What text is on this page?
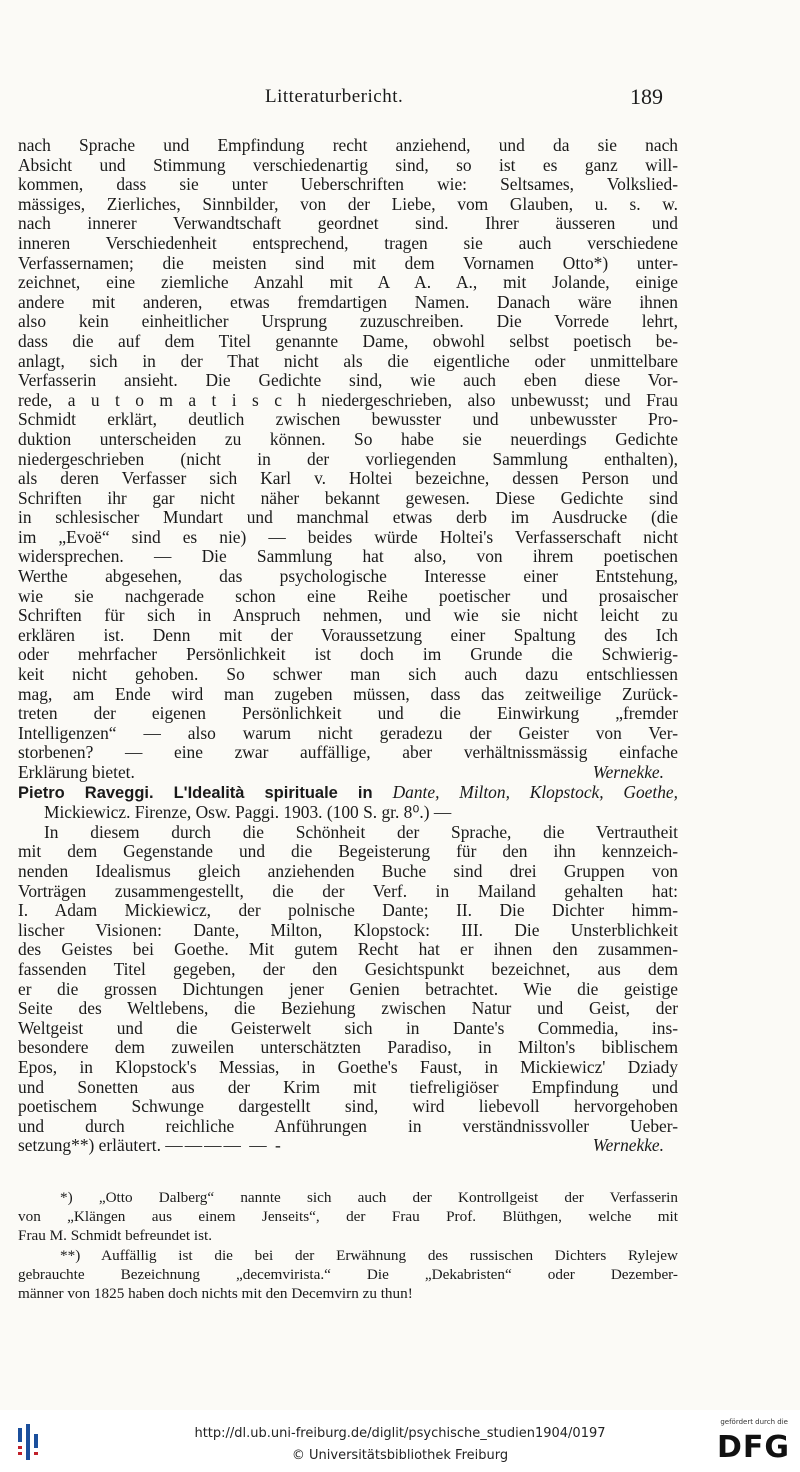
Litteraturbericht.	189
nach Sprache und Empfindung recht anziehend, und da sie nach
Absicht und Stimmung verschiedenartig sind, so ist es ganz will-
kommen, dass sie unter Ueberschriften wie: Seltsames, Volkslied-
mässiges, Zierliches, Sinnbilder, von der Liebe, vom Glauben, u. s. w.
nach innerer Verwandtschaft geordnet sind. Ihrer äusseren und
inneren Verschiedenheit entsprechend, tragen sie auch verschiedene
Verfassernamen; die meisten sind mit dem Vornamen Otto*) unter-
zeichnet, eine ziemliche Anzahl mit A A. A., mit Jolande, einige
andere mit anderen, etwas fremdartigen Namen. Danach wäre ihnen
also kein einheitlicher Ursprung zuzuschreiben. Die Vorrede lehrt,
dass die auf dem Titel genannte Dame, obwohl selbst poetisch be-
anlagt, sich in der That nicht als die eigentliche oder unmittelbare
Verfasserin ansieht. Die Gedichte sind, wie auch eben diese Vor-
rede, a u t o m a t i s c h niedergeschrieben, also unbewusst; und Frau
Schmidt erklärt, deutlich zwischen bewusster und unbewusster Pro-
duktion unterscheiden zu können. So habe sie neuerdings Gedichte
niedergeschrieben (nicht in der vorliegenden Sammlung enthalten),
als deren Verfasser sich Karl v. Holtei bezeichne, dessen Person und
Schriften ihr gar nicht näher bekannt gewesen. Diese Gedichte sind
in schlesischer Mundart und manchmal etwas derb im Ausdrucke (die
im „Evoë“ sind es nie) — beides würde Holtei's Verfasserschaft nicht
widersprechen. — Die Sammlung hat also, von ihrem poetischen
Werthe abgesehen, das psychologische Interesse einer Entstehung,
wie sie nachgerade schon eine Reihe poetischer und prosaischer
Schriften für sich in Anspruch nehmen, und wie sie nicht leicht zu
erklären ist. Denn mit der Voraussetzung einer Spaltung des Ich
oder mehrfacher Persönlichkeit ist doch im Grunde die Schwierig-
keit nicht gehoben. So schwer man sich auch dazu entschliessen
mag, am Ende wird man zugeben müssen, dass das zeitweilige Zurück-
treten der eigenen Persönlichkeit und die Einwirkung „fremder
Intelligenzen“ — also warum nicht geradezu der Geister von Ver-
storbenen? — eine zwar auffällige, aber verhältnissmässig einfache
Erklärung bietet.	Wernekke.
Pietro Raveggi. L'Idealità spirituale in Dante, Milton, Klopstock, Goethe,
Mickiewicz. Firenze, Osw. Paggi. 1903. (100 S. gr. 8⁰.) —
In diesem durch die Schönheit der Sprache, die Vertrautheit
mit dem Gegenstande und die Begeisterung für den ihn kennzeich-
nenden Idealismus gleich anziehenden Buche sind drei Gruppen von
Vorträgen zusammengestellt, die der Verf. in Mailand gehalten hat:
I. Adam Mickiewicz, der polnische Dante; II. Die Dichter himm-
lischer Visionen: Dante, Milton, Klopstock: III. Die Unsterblichkeit
des Geistes bei Goethe. Mit gutem Recht hat er ihnen den zusammen-
fassenden Titel gegeben, der den Gesichtspunkt bezeichnet, aus dem
er die grossen Dichtungen jener Genien betrachtet. Wie die geistige
Seite des Weltlebens, die Beziehung zwischen Natur und Geist, der
Weltgeist und die Geisterwelt sich in Dante's Commedia, ins-
besondere dem zuweilen unterschätzten Paradiso, in Milton's biblischem
Epos, in Klopstock's Messias, in Goethe's Faust, in Mickiewicz' Dziady
und Sonetten aus der Krim mit tiefreligiöser Empfindung und
poetischem Schwunge dargestellt sind, wird liebevoll hervorgehoben
und durch reichliche Anführungen in verständnissvoller Ueber-
setzung**) erläutert. ———— — -	Wernekke.
*) „Otto Dalberg“ nannte sich auch der Kontrollgeist der Verfasserin
von „Klängen aus einem Jenseits“, der Frau Prof. Blüthgen, welche mit
Frau M. Schmidt befreundet ist.
**) Auffällig ist die bei der Erwähnung des russischen Dichters Rylejew
gebrauchte Bezeichnung „decemvirista.“ Die „Dekabristen“ oder Dezember-
männer von 1825 haben doch nichts mit den Decemvirn zu thun!
http://dl.ub.uni-freiburg.de/diglit/psychische_studien1904/0197
© Universitätsbibliothek Freiburg
gefördert durch die
DFG
